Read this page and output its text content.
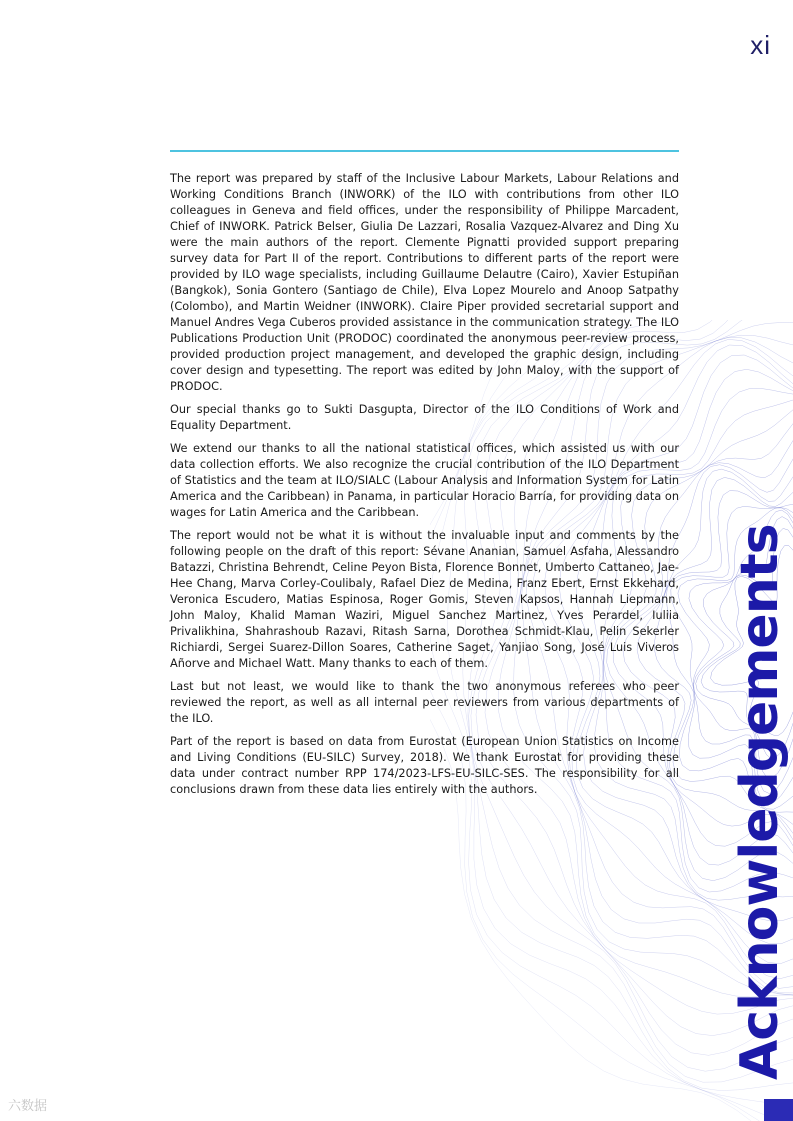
xi

The report was prepared by staff of the Inclusive Labour Markets, Labour Relations and Working Conditions Branch (INWORK) of the ILO with contributions from other ILO colleagues in Geneva and field offices, under the responsibility of Philippe Marcadent, Chief of INWORK. Patrick Belser, Giulia De Lazzari, Rosalia Vazquez-Alvarez and Ding Xu were the main authors of the report. Clemente Pignatti provided support preparing survey data for Part II of the report. Contributions to different parts of the report were provided by ILO wage specialists, including Guillaume Delautre (Cairo), Xavier Estupiñan (Bangkok), Sonia Gontero (Santiago de Chile), Elva Lopez Mourelo and Anoop Satpathy (Colombo), and Martin Weidner (INWORK). Claire Piper provided secretarial support and Manuel Andres Vega Cuberos provided assistance in the communication strategy. The ILO Publications Production Unit (PRODOC) coordinated the anonymous peer-review process, provided production project management, and developed the graphic design, including cover design and typesetting. The report was edited by John Maloy, with the support of PRODOC.

Our special thanks go to Sukti Dasgupta, Director of the ILO Conditions of Work and Equality Department.

We extend our thanks to all the national statistical offices, which assisted us with our data collection efforts. We also recognize the crucial contribution of the ILO Department of Statistics and the team at ILO/SIALC (Labour Analysis and Information System for Latin America and the Caribbean) in Panama, in particular Horacio Barría, for providing data on wages for Latin America and the Caribbean.

The report would not be what it is without the invaluable input and comments by the following people on the draft of this report: Sévane Ananian, Samuel Asfaha, Alessandro Batazzi, Christina Behrendt, Celine Peyon Bista, Florence Bonnet, Umberto Cattaneo, Jae-Hee Chang, Marva Corley-Coulibaly, Rafael Diez de Medina, Franz Ebert, Ernst Ekkehard, Veronica Escudero, Matias Espinosa, Roger Gomis, Steven Kapsos, Hannah Liepmann, John Maloy, Khalid Maman Waziri, Miguel Sanchez Martinez, Yves Perardel, Iuliia Privalikhina, Shahrashoub Razavi, Ritash Sarna, Dorothea Schmidt-Klau, Pelin Sekerler Richiardi, Sergei Suarez-Dillon Soares, Catherine Saget, Yanjiao Song, José Luis Viveros Añorve and Michael Watt. Many thanks to each of them.

Last but not least, we would like to thank the two anonymous referees who peer reviewed the report, as well as all internal peer reviewers from various departments of the ILO.

Part of the report is based on data from Eurostat (European Union Statistics on Income and Living Conditions (EU-SILC) Survey, 2018). We thank Eurostat for providing these data under contract number RPP 174/2023-LFS-EU-SILC-SES. The responsibility for all conclusions drawn from these data lies entirely with the authors.	Acknowledgements
六数据
